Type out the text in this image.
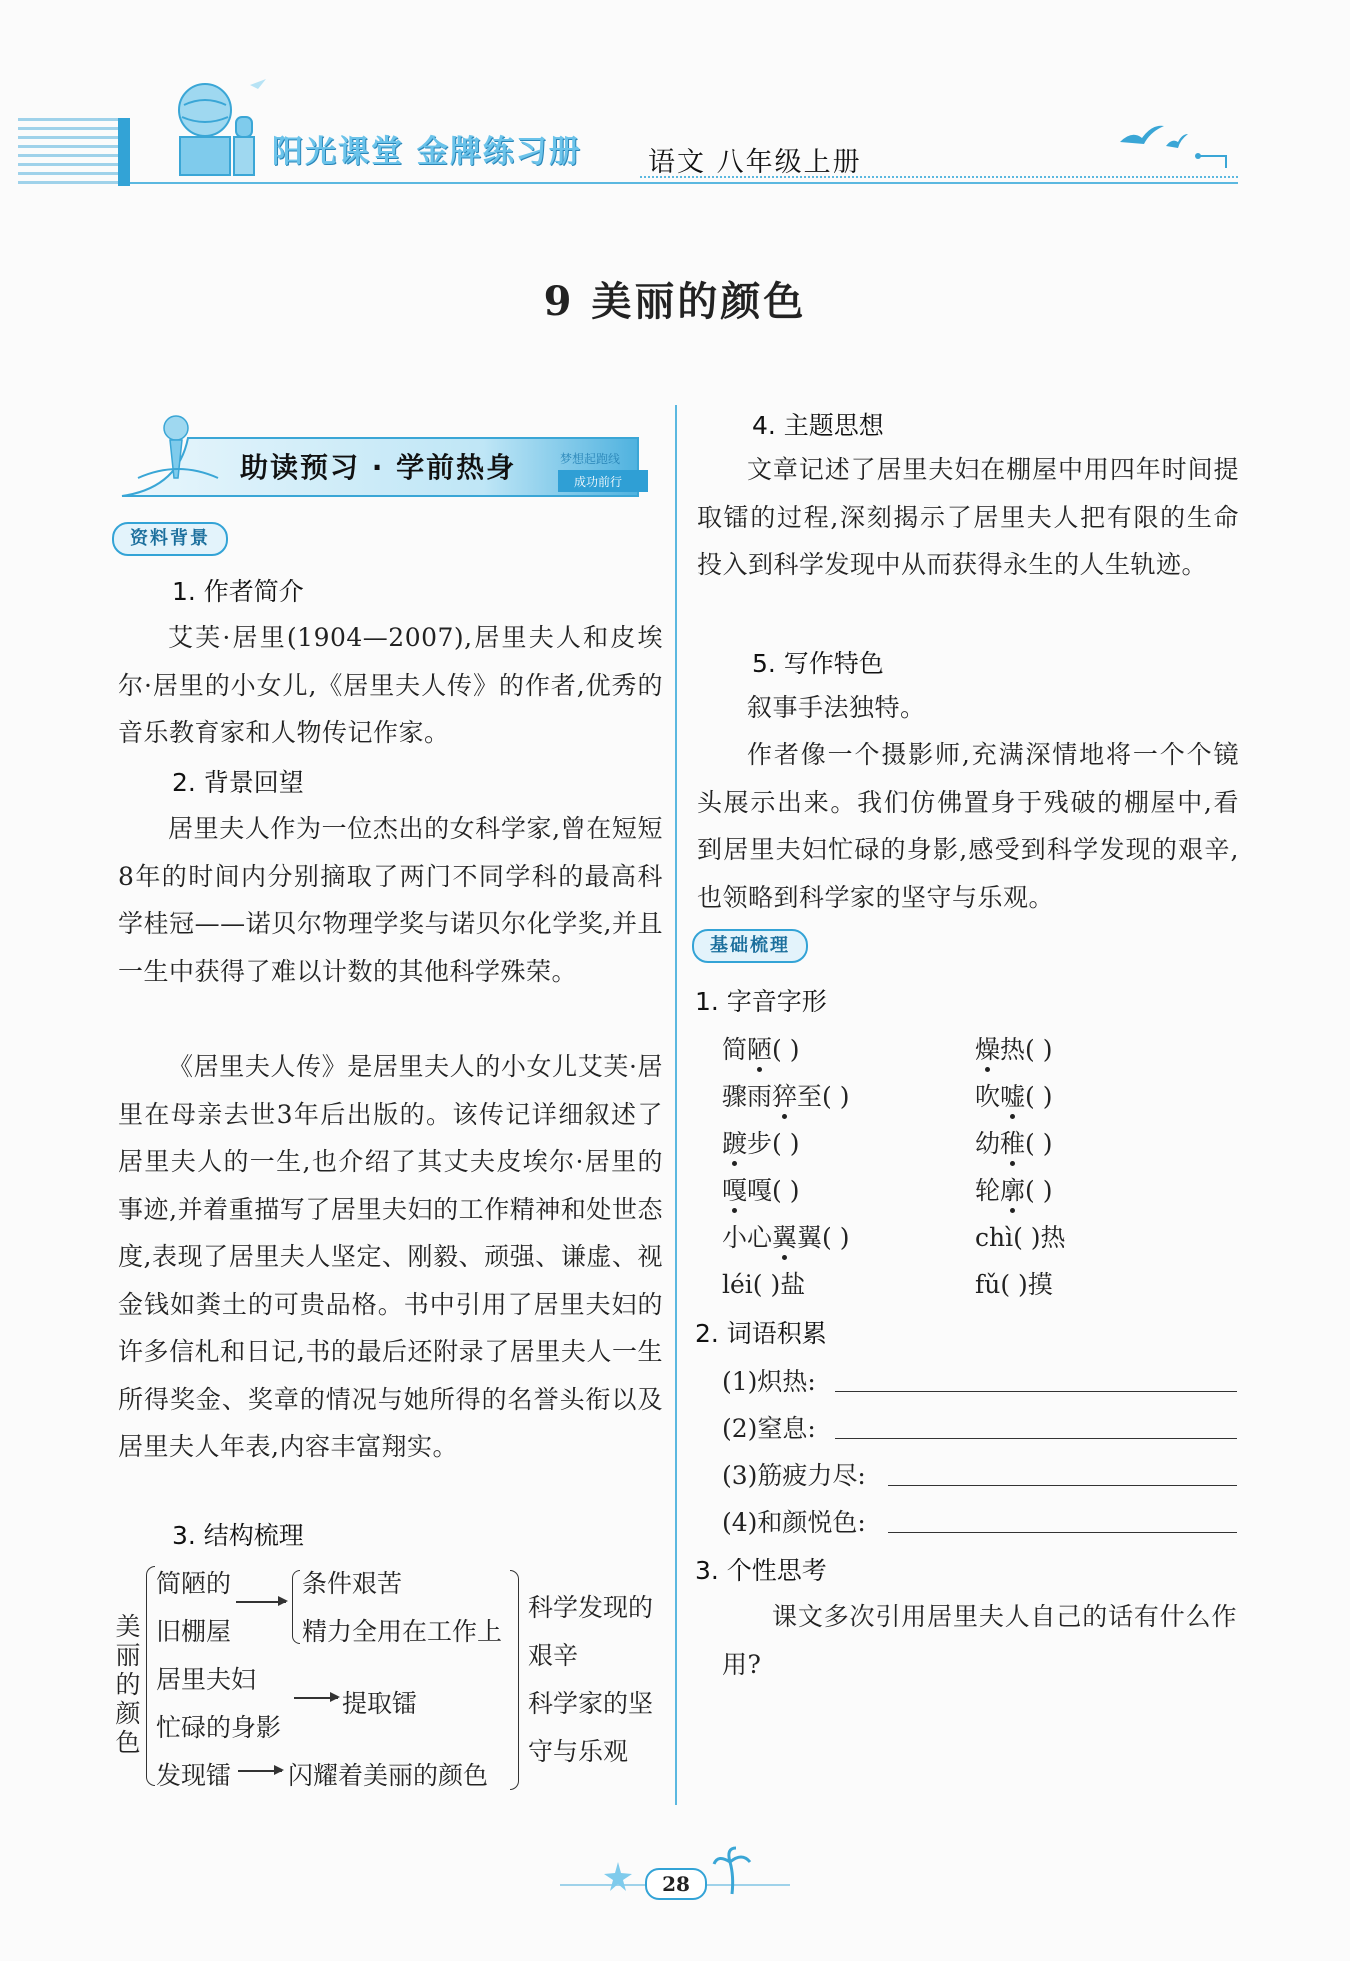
阳光课堂 金牌练习册 语文 八年级上册
9 美丽的颜色
助读预习 · 学前热身	梦想起跑线
成功前行
资料背景
1. 作者简介
艾芙·居里(1904—2007),居里夫人和皮埃尔·居里的小女儿,《居里夫人传》的作者,优秀的音乐教育家和人物传记作家。
2. 背景回望
居里夫人作为一位杰出的女科学家,曾在短短8年的时间内分别摘取了两门不同学科的最高科学桂冠——诺贝尔物理学奖与诺贝尔化学奖,并且一生中获得了难以计数的其他科学殊荣。
《居里夫人传》是居里夫人的小女儿艾芙·居里在母亲去世3年后出版的。该传记详细叙述了居里夫人的一生,也介绍了其丈夫皮埃尔·居里的事迹,并着重描写了居里夫妇的工作精神和处世态度,表现了居里夫人坚定、刚毅、顽强、谦虚、视金钱如粪土的可贵品格。书中引用了居里夫妇的许多信札和日记,书的最后还附录了居里夫人一生所得奖金、奖章的情况与她所得的名誉头衔以及居里夫人年表,内容丰富翔实。
3. 结构梳理
美
丽
的
颜
色
简陋的
旧棚屋
居里夫妇
忙碌的身影
发现镭
条件艰苦
精力全用在工作上
提取镭
闪耀着美丽的颜色
科学发现的
艰辛
科学家的坚
守与乐观
4. 主题思想
文章记述了居里夫妇在棚屋中用四年时间提取镭的过程,深刻揭示了居里夫人把有限的生命投入到科学发现中从而获得永生的人生轨迹。
5. 写作特色
叙事手法独特。
作者像一个摄影师,充满深情地将一个个镜头展示出来。我们仿佛置身于残破的棚屋中,看到居里夫妇忙碌的身影,感受到科学发现的艰辛,也领略到科学家的坚守与乐观。
基础梳理
1. 字音字形
简陋( )	燥热( )
骤雨猝至( )	吹嘘( )
踱步( )	幼稚( )
嘎嘎( )	轮廓( )
小心翼翼( )	chì( )热
léi( )盐	fǔ( )摸
2. 词语积累
(1)炽热:
(2)窒息:
(3)筋疲力尽:
(4)和颜悦色:
3. 个性思考
课文多次引用居里夫人自己的话有什么作用?
28
